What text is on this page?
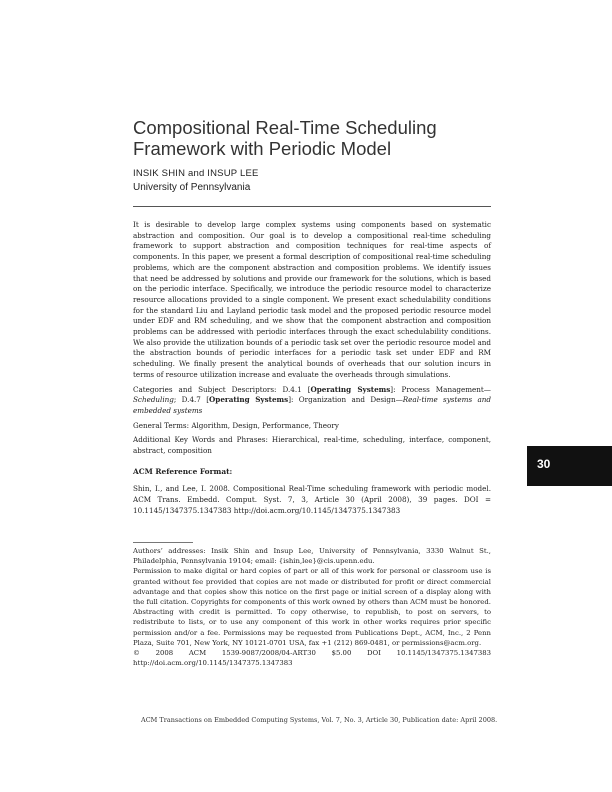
Compositional Real-Time Scheduling
Framework with Periodic Model
INSIK SHIN and INSUP LEE
University of Pennsylvania

It is desirable to develop large complex systems using components based on systematic abstraction and composition. Our goal is to develop a compositional real-time scheduling framework to support abstraction and composition techniques for real-time aspects of components. In this paper, we present a formal description of compositional real-time scheduling problems, which are the component abstraction and composition problems. We identify issues that need be addressed by solutions and provide our framework for the solutions, which is based on the periodic interface. Specifically, we introduce the periodic resource model to characterize resource allocations provided to a single component. We present exact schedulability conditions for the standard Liu and Layland periodic task model and the proposed periodic resource model under EDF and RM scheduling, and we show that the component abstraction and composition problems can be addressed with periodic interfaces through the exact schedulability conditions. We also provide the utilization bounds of a periodic task set over the periodic resource model and the abstraction bounds of periodic interfaces for a periodic task set under EDF and RM scheduling. We finally present the analytical bounds of overheads that our solution incurs in terms of resource utilization increase and evaluate the overheads through simulations.

Categories and Subject Descriptors: D.4.1 [Operating Systems]: Process Management—Scheduling; D.4.7 [Operating Systems]: Organization and Design—Real-time systems and embedded systems

General Terms: Algorithm, Design, Performance, Theory

Additional Key Words and Phrases: Hierarchical, real-time, scheduling, interface, component, abstract, composition

ACM Reference Format:

Shin, I., and Lee, I. 2008. Compositional Real-Time scheduling framework with periodic model. ACM Trans. Embedd. Comput. Syst. 7, 3, Article 30 (April 2008), 39 pages. DOI = 10.1145/1347375.1347383 http://doi.acm.org/10.1145/1347375.1347383

30

Authors’ addresses: Insik Shin and Insup Lee, University of Pennsylvania, 3330 Walnut St., Philadelphia, Pennsylvania 19104; email: {ishin,lee}@cis.upenn.edu.

Permission to make digital or hard copies of part or all of this work for personal or classroom use is granted without fee provided that copies are not made or distributed for profit or direct commercial advantage and that copies show this notice on the first page or initial screen of a display along with the full citation. Copyrights for components of this work owned by others than ACM must be honored. Abstracting with credit is permitted. To copy otherwise, to republish, to post on servers, to redistribute to lists, or to use any component of this work in other works requires prior specific permission and/or a fee. Permissions may be requested from Publications Dept., ACM, Inc., 2 Penn Plaza, Suite 701, New York, NY 10121-0701 USA, fax +1 (212) 869-0481, or permissions@acm.org.

© 2008 ACM 1539-9087/2008/04-ART30 $5.00 DOI 10.1145/1347375.1347383 http://doi.acm.org/10.1145/1347375.1347383

ACM Transactions on Embedded Computing Systems, Vol. 7, No. 3, Article 30, Publication date: April 2008.
